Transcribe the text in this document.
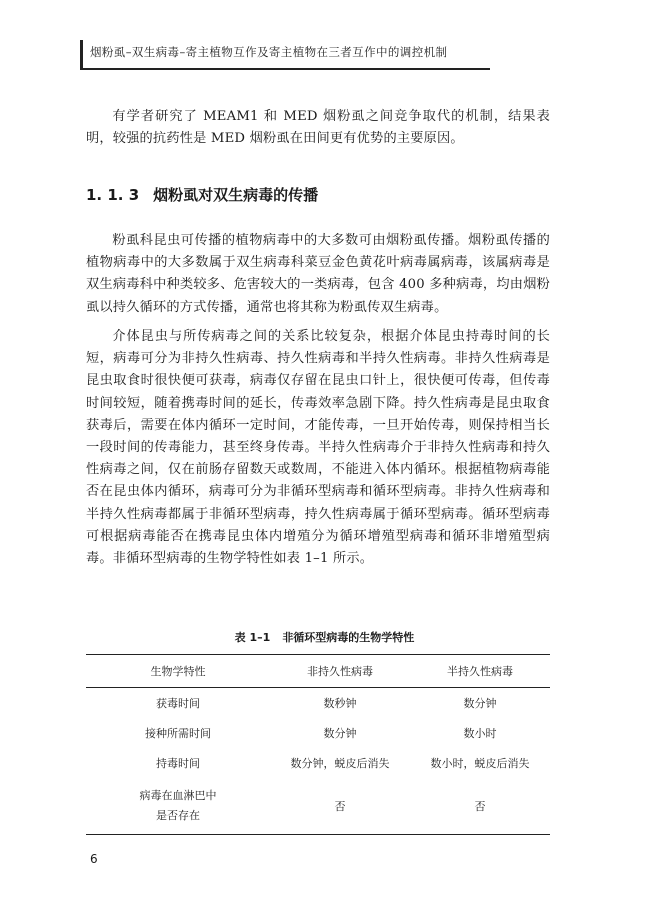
烟粉虱–双生病毒–寄主植物互作及寄主植物在三者互作中的调控机制

有学者研究了 MEAM1 和 MED 烟粉虱之间竞争取代的机制，结果表明，较强的抗药性是 MED 烟粉虱在田间更有优势的主要原因。

1. 1. 3 烟粉虱对双生病毒的传播

粉虱科昆虫可传播的植物病毒中的大多数可由烟粉虱传播。烟粉虱传播的植物病毒中的大多数属于双生病毒科菜豆金色黄花叶病毒属病毒，该属病毒是双生病毒科中种类较多、危害较大的一类病毒，包含 400 多种病毒，均由烟粉虱以持久循环的方式传播，通常也将其称为粉虱传双生病毒。

介体昆虫与所传病毒之间的关系比较复杂，根据介体昆虫持毒时间的长短，病毒可分为非持久性病毒、持久性病毒和半持久性病毒。非持久性病毒是昆虫取食时很快便可获毒，病毒仅存留在昆虫口针上，很快便可传毒，但传毒时间较短，随着携毒时间的延长，传毒效率急剧下降。持久性病毒是昆虫取食获毒后，需要在体内循环一定时间，才能传毒，一旦开始传毒，则保持相当长一段时间的传毒能力，甚至终身传毒。半持久性病毒介于非持久性病毒和持久性病毒之间，仅在前肠存留数天或数周，不能进入体内循环。根据植物病毒能否在昆虫体内循环，病毒可分为非循环型病毒和循环型病毒。非持久性病毒和半持久性病毒都属于非循环型病毒，持久性病毒属于循环型病毒。循环型病毒可根据病毒能否在携毒昆虫体内增殖分为循环增殖型病毒和循环非增殖型病毒。非循环型病毒的生物学特性如表 1–1 所示。

表 1–1 非循环型病毒的生物学特性
生物学特性	非持久性病毒	半持久性病毒
获毒时间	数秒钟	数分钟
接种所需时间	数分钟	数小时
持毒时间	数分钟，蜕皮后消失	数小时，蜕皮后消失

病毒在血淋巴中
是否存在	否	否
6
